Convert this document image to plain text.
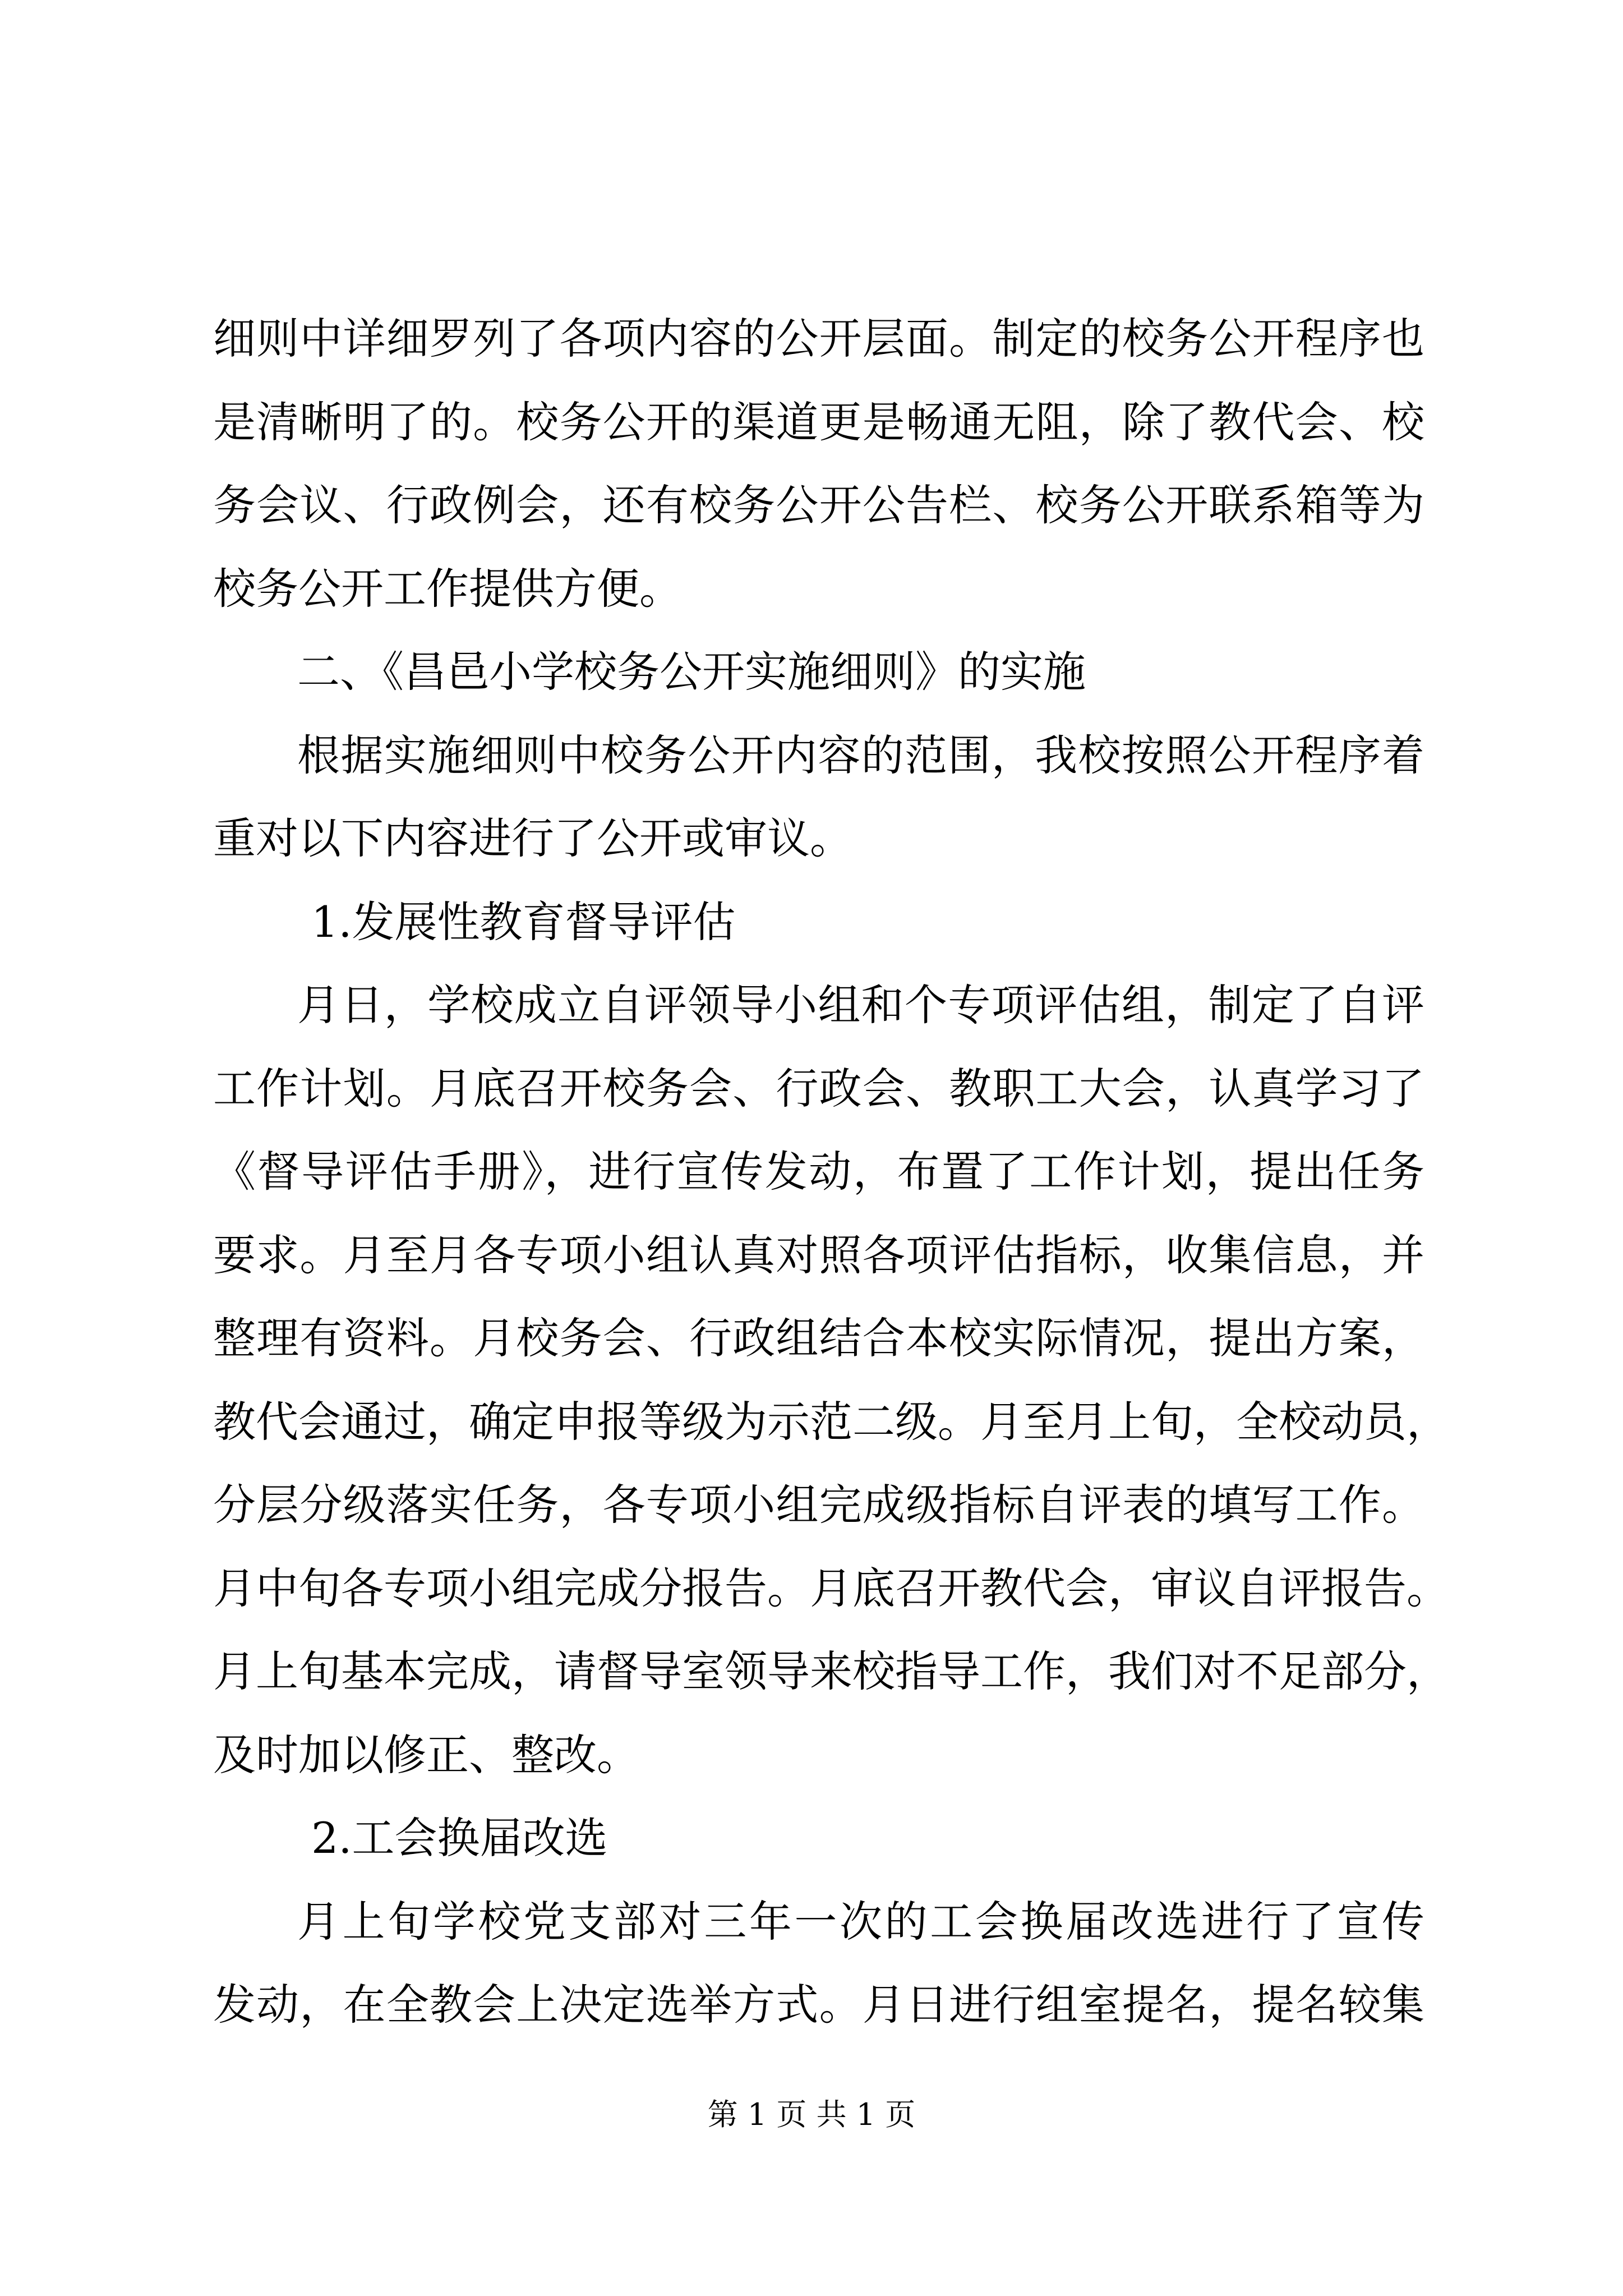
细则中详细罗列了各项内容的公开层面。制定的校务公开程序也
是清晰明了的。校务公开的渠道更是畅通无阻，除了教代会、校
务会议、行政例会，还有校务公开公告栏、校务公开联系箱等为
校务公开工作提供方便。
二、《昌邑小学校务公开实施细则》的实施
根据实施细则中校务公开内容的范围，我校按照公开程序着
重对以下内容进行了公开或审议。
1.发展性教育督导评估
月日，学校成立自评领导小组和个专项评估组，制定了自评
工作计划。月底召开校务会、行政会、教职工大会，认真学习了
《督导评估手册》，进行宣传发动，布置了工作计划，提出任务
要求。月至月各专项小组认真对照各项评估指标，收集信息，并
整理有资料。月校务会、行政组结合本校实际情况，提出方案，
教代会通过，确定申报等级为示范二级。月至月上旬，全校动员，
分层分级落实任务，各专项小组完成级指标自评表的填写工作。
月中旬各专项小组完成分报告。月底召开教代会，审议自评报告。
月上旬基本完成，请督导室领导来校指导工作，我们对不足部分，
及时加以修正、整改。
2.工会换届改选
月上旬学校党支部对三年一次的工会换届改选进行了宣传
发动，在全教会上决定选举方式。月日进行组室提名，提名较集
第 1 页 共 1 页
